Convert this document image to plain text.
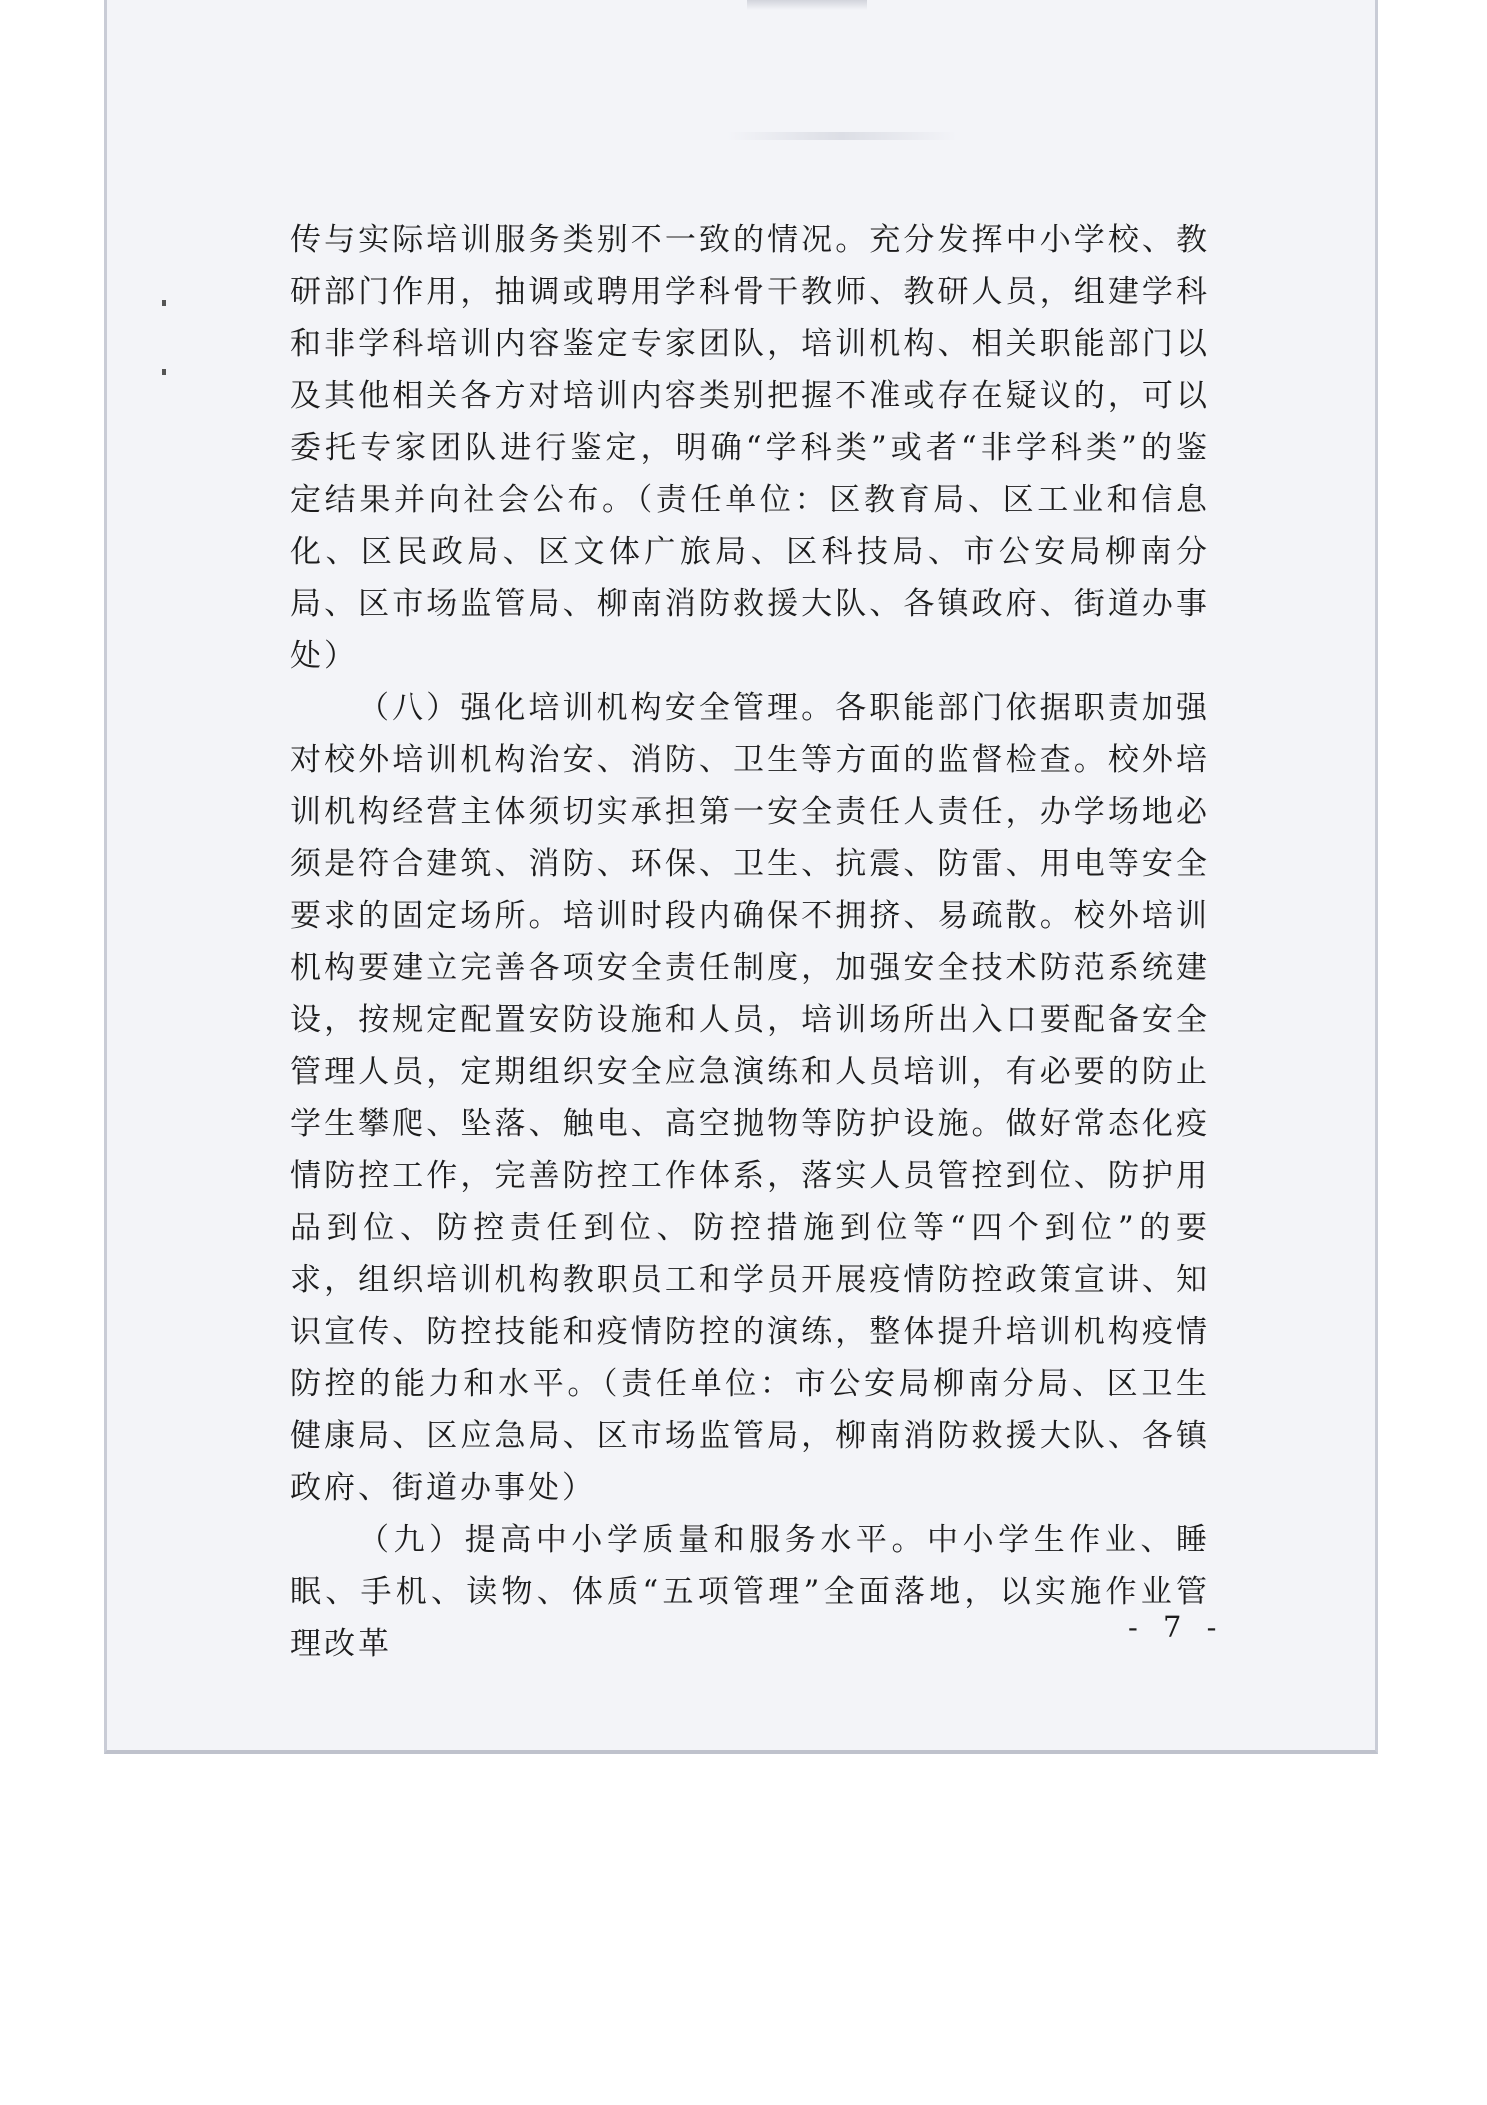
传与实际培训服务类别不一致的情况。充分发挥中小学校、教研部门作用，抽调或聘用学科骨干教师、教研人员，组建学科和非学科培训内容鉴定专家团队，培训机构、相关职能部门以及其他相关各方对培训内容类别把握不准或存在疑议的，可以委托专家团队进行鉴定，明确“学科类”或者“非学科类”的鉴定结果并向社会公布。（责任单位：区教育局、区工业和信息化、区民政局、区文体广旅局、区科技局、市公安局柳南分局、区市场监管局、柳南消防救援大队、各镇政府、街道办事处）

（八）强化培训机构安全管理。各职能部门依据职责加强对校外培训机构治安、消防、卫生等方面的监督检查。校外培训机构经营主体须切实承担第一安全责任人责任，办学场地必须是符合建筑、消防、环保、卫生、抗震、防雷、用电等安全要求的固定场所。培训时段内确保不拥挤、易疏散。校外培训机构要建立完善各项安全责任制度，加强安全技术防范系统建设，按规定配置安防设施和人员，培训场所出入口要配备安全管理人员，定期组织安全应急演练和人员培训，有必要的防止学生攀爬、坠落、触电、高空抛物等防护设施。做好常态化疫情防控工作，完善防控工作体系，落实人员管控到位、防护用品到位、防控责任到位、防控措施到位等“四个到位”的要求，组织培训机构教职员工和学员开展疫情防控政策宣讲、知识宣传、防控技能和疫情防控的演练，整体提升培训机构疫情防控的能力和水平。（责任单位：市公安局柳南分局、区卫生健康局、区应急局、区市场监管局，柳南消防救援大队、各镇政府、街道办事处）

（九）提高中小学质量和服务水平。中小学生作业、睡眠、手机、读物、体质“五项管理”全面落地，以实施作业管理改革	- 7 -
